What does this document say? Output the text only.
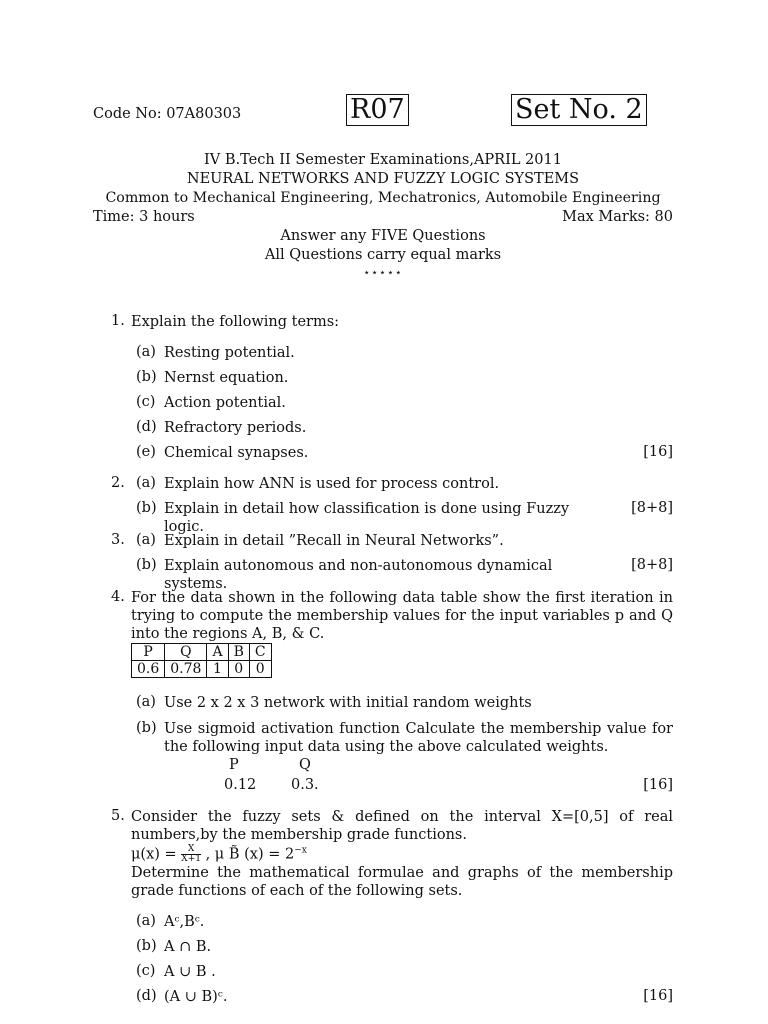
Code No: 07A80303	R07	Set No. 2
IV B.Tech II Semester Examinations,APRIL 2011
NEURAL NETWORKS AND FUZZY LOGIC SYSTEMS
Common to Mechanical Engineering, Mechatronics, Automobile Engineering
Time: 3 hours	Max Marks: 80
Answer any FIVE Questions
All Questions carry equal marks
⋆⋆⋆⋆⋆
1. Explain the following terms:
(a) Resting potential.
(b) Nernst equation.
(c) Action potential.
(d) Refractory periods.
(e) Chemical synapses.	[16]
2. (a) Explain how ANN is used for process control.
(b) Explain in detail how classification is done using Fuzzy logic.
[8+8]
3. (a) Explain in detail ”Recall in Neural Networks”.
(b) Explain autonomous and non-autonomous dynamical systems.
[8+8]
4. For the data shown in the following data table show the first iteration in trying to compute the membership values for the input variables p and Q into the regions A, B, & C.
P	Q	A	B	C
0.6	0.78	1	0	0
(a) Use 2 x 2 x 3 network with initial random weights
(b) Use sigmoid activation function Calculate the membership value for the following input data using the above calculated weights.
P	Q
0.12 0.3.	[16]
5. Consider the fuzzy sets & defined on the interval X=[0,5] of real numbers,by the membership grade functions.
$\mu(x) = \frac{X}{X+1}$ , μ B̃ $(x) = 2^{-x}$
Determine the mathematical formulae and graphs of the membership grade functions of each of the following sets.
(a) Aᶜ,Bᶜ.
(b) A ∩ B.
(c) A ∪ B .
(d) (A ∪ B)ᶜ.	[16]
